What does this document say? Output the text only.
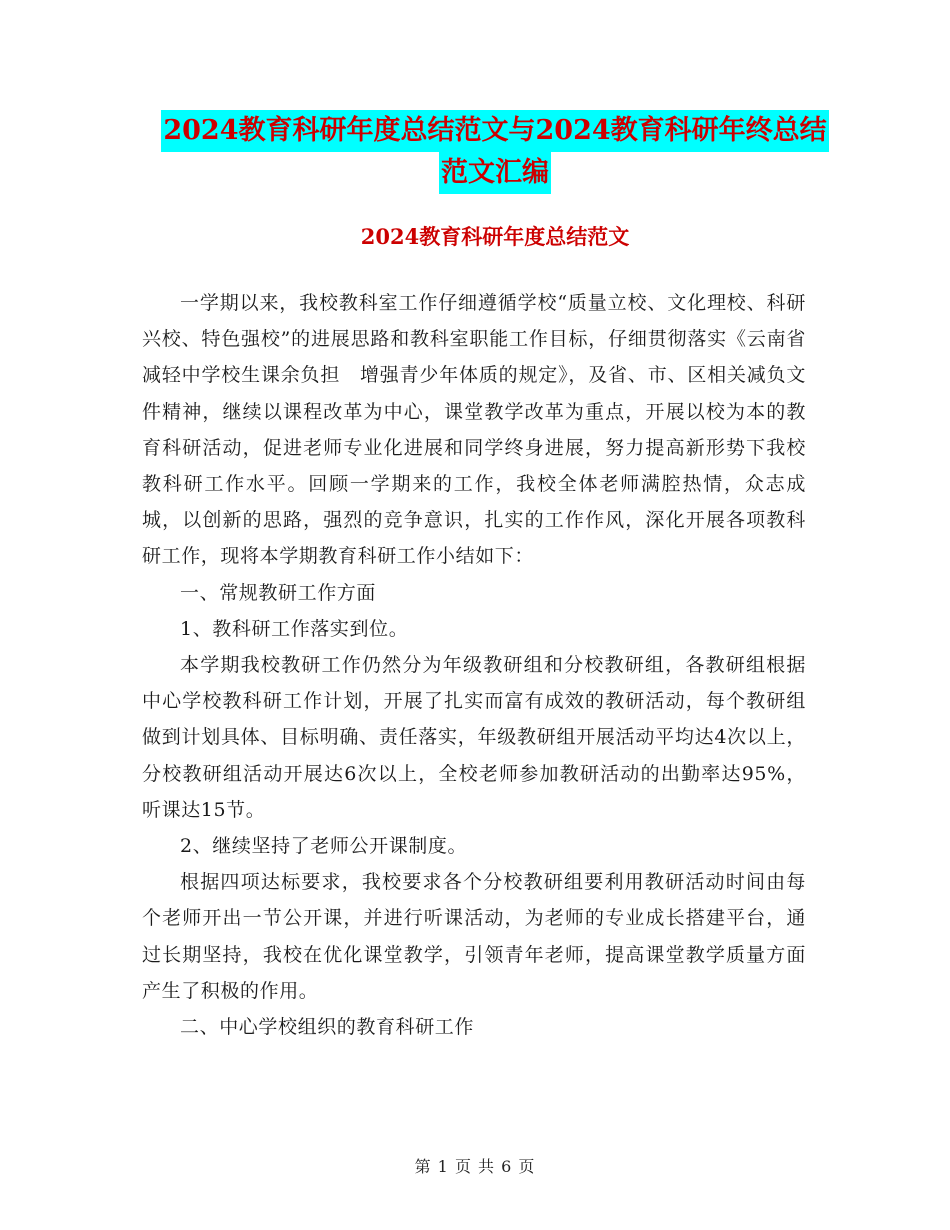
2024教育科研年度总结范文与2024教育科研年终总结
范文汇编
2024教育科研年度总结范文

一学期以来，我校教科室工作仔细遵循学校“质量立校、文化理校、科研兴校、特色强校”的进展思路和教科室职能工作目标，仔细贯彻落实《云南省减轻中学校生课余负担　增强青少年体质的规定》，及省、市、区相关减负文件精神，继续以课程改革为中心，课堂教学改革为重点，开展以校为本的教育科研活动，促进老师专业化进展和同学终身进展，努力提高新形势下我校教科研工作水平。回顾一学期来的工作，我校全体老师满腔热情，众志成城，以创新的思路，强烈的竞争意识，扎实的工作作风，深化开展各项教科研工作，现将本学期教育科研工作小结如下：

一、常规教研工作方面

1、教科研工作落实到位。

本学期我校教研工作仍然分为年级教研组和分校教研组，各教研组根据中心学校教科研工作计划，开展了扎实而富有成效的教研活动，每个教研组做到计划具体、目标明确、责任落实，年级教研组开展活动平均达4次以上，分校教研组活动开展达6次以上，全校老师参加教研活动的出勤率达95%，听课达15节。

2、继续坚持了老师公开课制度。

根据四项达标要求，我校要求各个分校教研组要利用教研活动时间由每个老师开出一节公开课，并进行听课活动，为老师的专业成长搭建平台，通过长期坚持，我校在优化课堂教学，引领青年老师，提高课堂教学质量方面产生了积极的作用。

二、中心学校组织的教育科研工作

第 1 页 共 6 页
